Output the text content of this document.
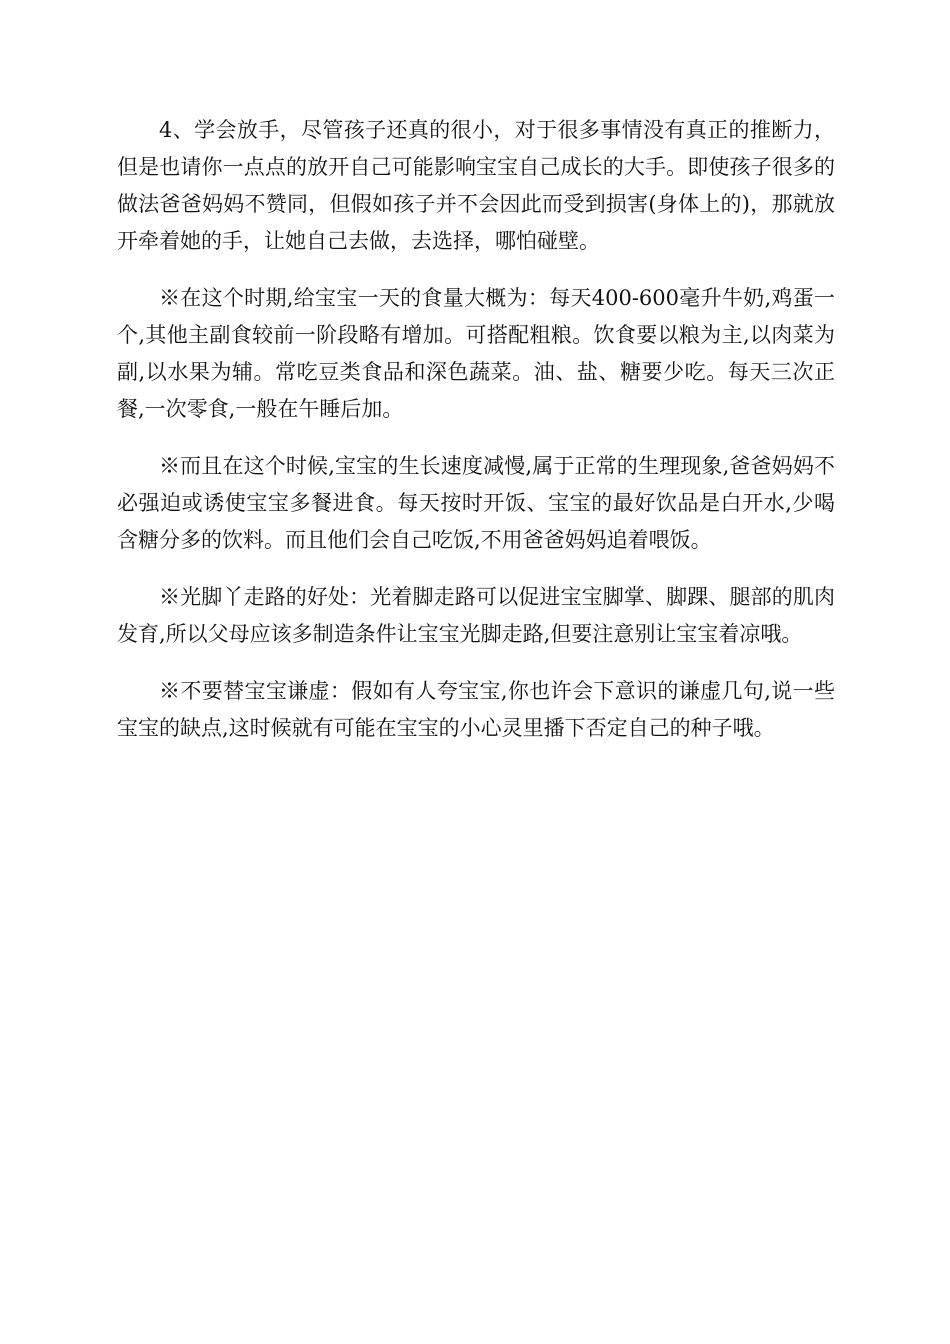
4、学会放手，尽管孩子还真的很小，对于很多事情没有真正的推断力，但是也请你一点点的放开自己可能影响宝宝自己成长的大手。即使孩子很多的做法爸爸妈妈不赞同，但假如孩子并不会因此而受到损害(身体上的)，那就放开牵着她的手，让她自己去做，去选择，哪怕碰壁。

※在这个时期,给宝宝一天的食量大概为：每天400-600毫升牛奶,鸡蛋一个,其他主副食较前一阶段略有增加。可搭配粗粮。饮食要以粮为主,以肉菜为副,以水果为辅。常吃豆类食品和深色蔬菜。油、盐、糖要少吃。每天三次正餐,一次零食,一般在午睡后加。

※而且在这个时候,宝宝的生长速度减慢,属于正常的生理现象,爸爸妈妈不必强迫或诱使宝宝多餐进食。每天按时开饭、宝宝的最好饮品是白开水,少喝含糖分多的饮料。而且他们会自己吃饭,不用爸爸妈妈追着喂饭。

※光脚丫走路的好处：光着脚走路可以促进宝宝脚掌、脚踝、腿部的肌肉发育,所以父母应该多制造条件让宝宝光脚走路,但要注意别让宝宝着凉哦。

※不要替宝宝谦虚：假如有人夸宝宝,你也许会下意识的谦虚几句,说一些宝宝的缺点,这时候就有可能在宝宝的小心灵里播下否定自己的种子哦。
